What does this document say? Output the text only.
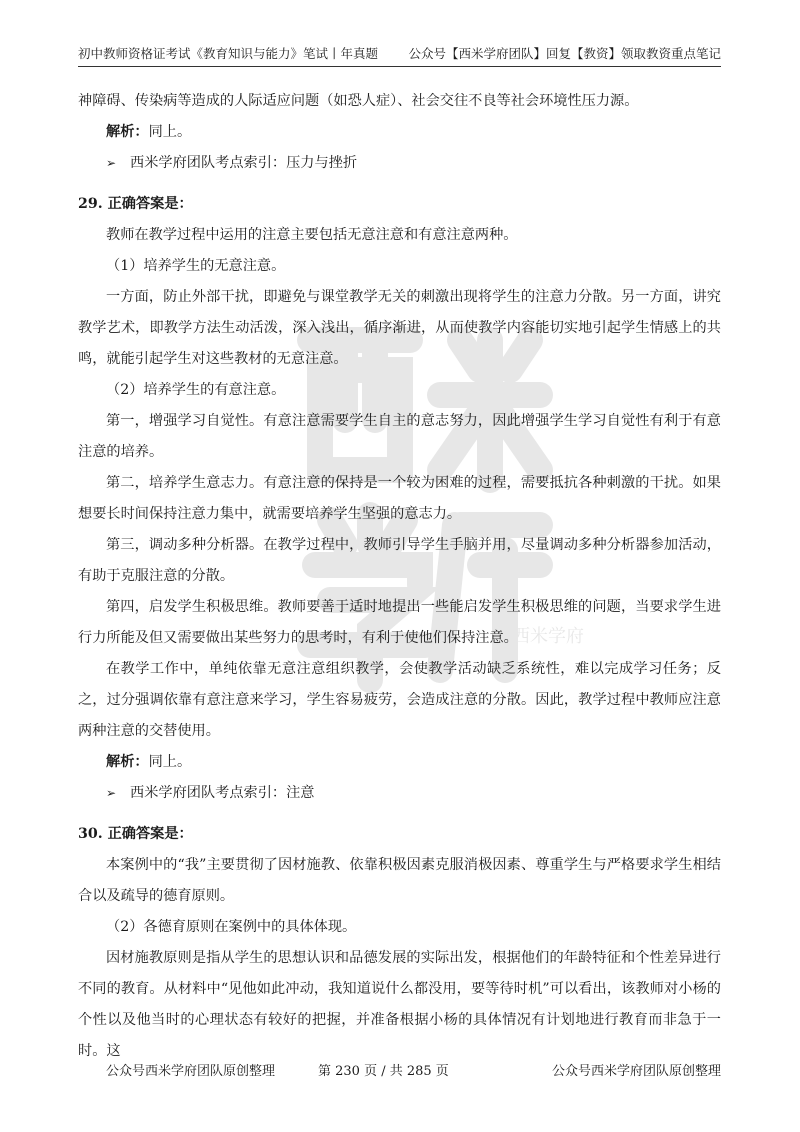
初中教师资格证考试《教育知识与能力》笔试丨年真题 公众号【西米学府团队】回复【教资】领取教资重点笔记
西米学府

神障碍、传染病等造成的人际适应问题（如恐人症）、社会交往不良等社会环境性压力源。

解析：同上。

➢ 西米学府团队考点索引：压力与挫折

29. 正确答案是：

教师在教学过程中运用的注意主要包括无意注意和有意注意两种。

（1）培养学生的无意注意。

一方面，防止外部干扰，即避免与课堂教学无关的刺激出现将学生的注意力分散。另一方面，讲究教学艺术，即教学方法生动活泼，深入浅出，循序渐进，从而使教学内容能切实地引起学生情感上的共鸣，就能引起学生对这些教材的无意注意。

（2）培养学生的有意注意。

第一，增强学习自觉性。有意注意需要学生自主的意志努力，因此增强学生学习自觉性有利于有意注意的培养。

第二，培养学生意志力。有意注意的保持是一个较为困难的过程，需要抵抗各种刺激的干扰。如果想要长时间保持注意力集中，就需要培养学生坚强的意志力。

第三，调动多种分析器。在教学过程中，教师引导学生手脑并用，尽量调动多种分析器参加活动，有助于克服注意的分散。

第四，启发学生积极思维。教师要善于适时地提出一些能启发学生积极思维的问题，当要求学生进行力所能及但又需要做出某些努力的思考时，有利于使他们保持注意。

在教学工作中，单纯依靠无意注意组织教学，会使教学活动缺乏系统性，难以完成学习任务；反之，过分强调依靠有意注意来学习，学生容易疲劳，会造成注意的分散。因此，教学过程中教师应注意两种注意的交替使用。

解析：同上。

➢ 西米学府团队考点索引：注意

30. 正确答案是：

本案例中的“我”主要贯彻了因材施教、依靠积极因素克服消极因素、尊重学生与严格要求学生相结合以及疏导的德育原则。

（2）各德育原则在案例中的具体体现。

因材施教原则是指从学生的思想认识和品德发展的实际出发，根据他们的年龄特征和个性差异进行不同的教育。从材料中“见他如此冲动，我知道说什么都没用，要等待时机”可以看出，该教师对小杨的个性以及他当时的心理状态有较好的把握，并准备根据小杨的具体情况有计划地进行教育而非急于一时。这

公众号西米学府团队原创整理	第 230 页 / 共 285 页	公众号西米学府团队原创整理
